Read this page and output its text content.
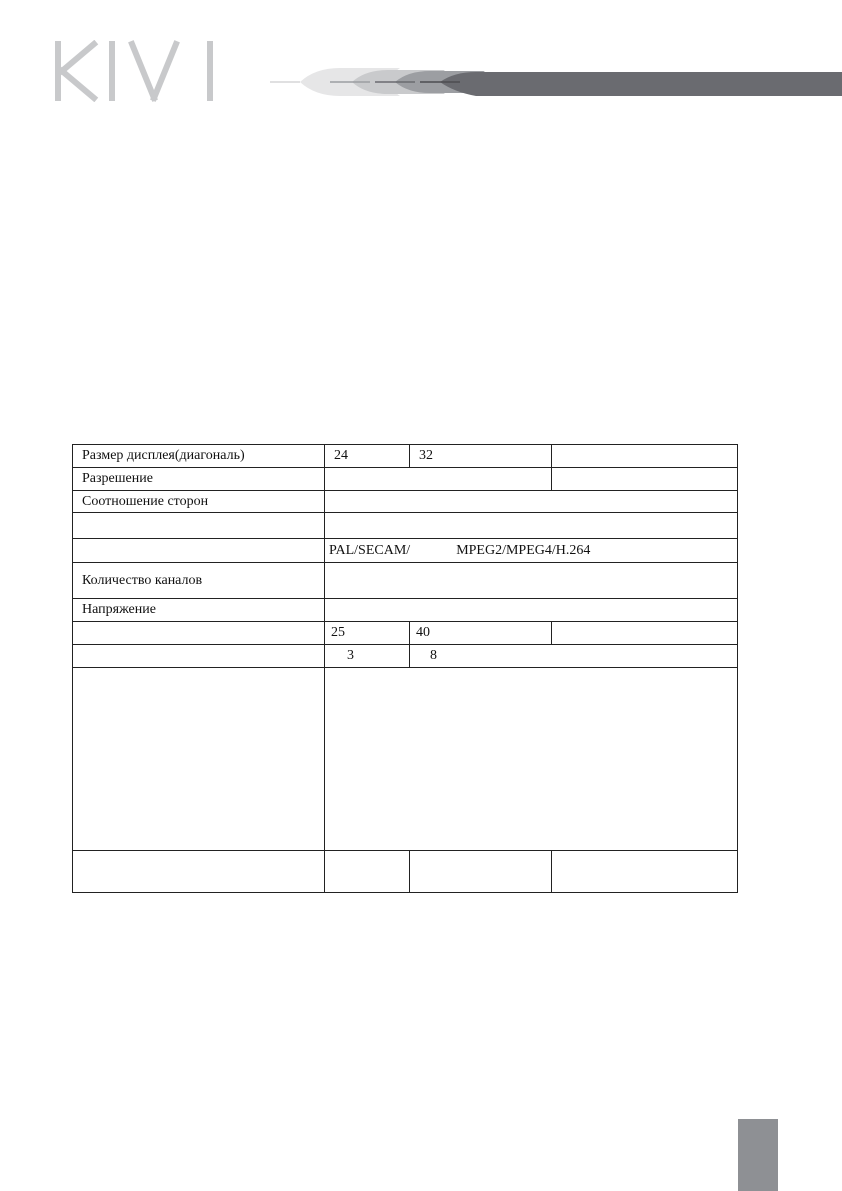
Размер дисплея(диагональ)	24	32	
Разрешение			
Соотношение сторон			

	PAL/SECAM/ MPEG2/MPEG4/H.264		
Количество каналов			
Напряжение			
	25	40	
	3	8	
